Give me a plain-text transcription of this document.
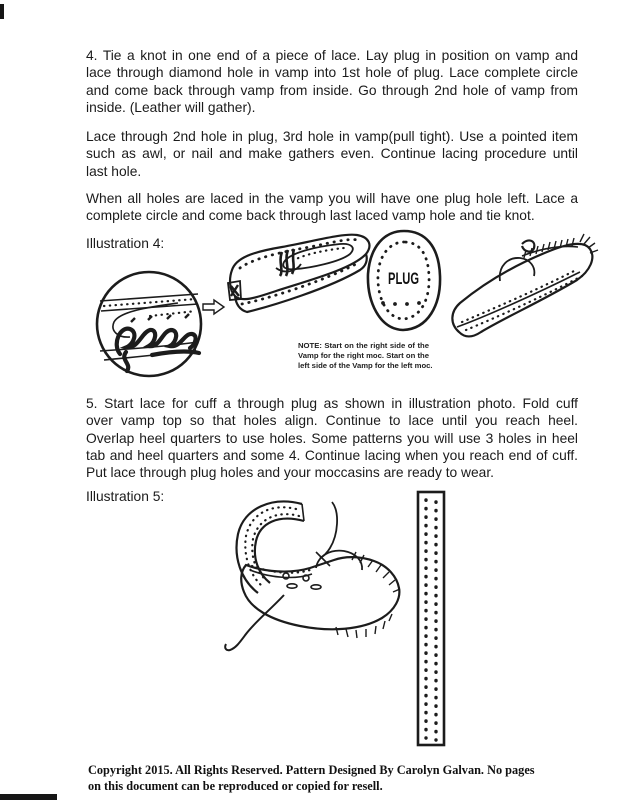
4. Tie a knot in one end of a piece of lace. Lay plug in position on vamp and
lace through diamond hole in vamp into 1st hole of plug. Lace complete circle
and come back through vamp from inside. Go through 2nd hole of vamp from
inside. (Leather will gather).
Lace through 2nd hole in plug, 3rd hole in vamp(pull tight). Use a pointed item
such as awl, or nail and make gathers even. Continue lacing procedure until
last hole.
When all holes are laced in the vamp you will have one plug hole left. Lace a
complete circle and come back through last laced vamp hole and tie knot.
Illustration 4:
NOTE: Start on the right side of the
Vamp for the right moc. Start on the
left side of the Vamp for the left moc.
5. Start lace for cuff a through plug as shown in illustration photo. Fold cuff
over vamp top so that holes align. Continue to lace until you reach heel.
Overlap heel quarters to use holes. Some patterns you will use 3 holes in heel
tab and heel quarters and some 4. Continue lacing when you reach end of cuff.
Put lace through plug holes and your moccasins are ready to wear.
Illustration 5:
Copyright 2015. All Rights Reserved. Pattern Designed By Carolyn Galvan. No pages
on this document can be reproduced or copied for resell.
PLUG
